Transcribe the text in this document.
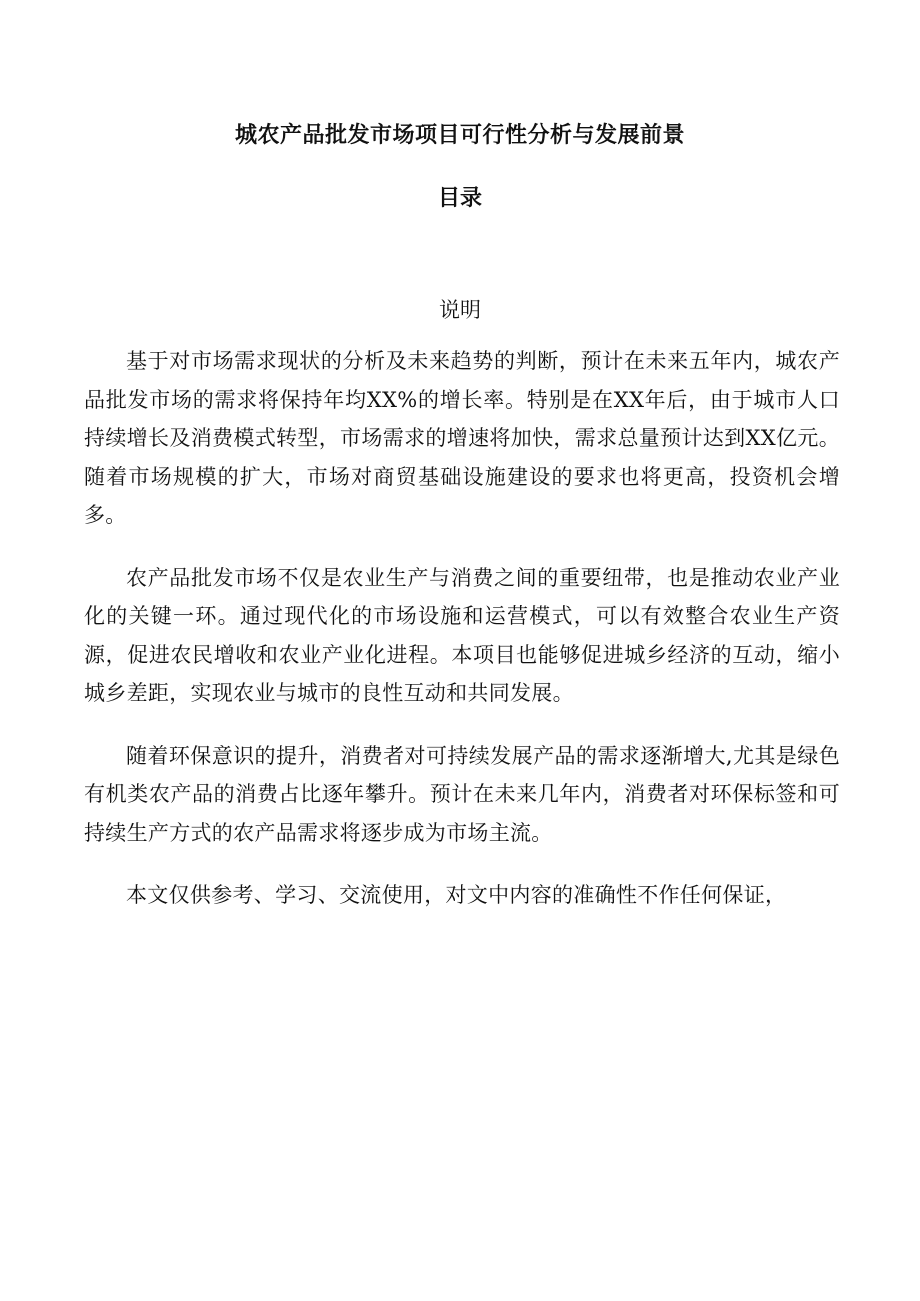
城农产品批发市场项目可行性分析与发展前景
目录
说明

基于对市场需求现状的分析及未来趋势的判断，预计在未来五年内，城农产品批发市场的需求将保持年均XX%的增长率。特别是在XX年后，由于城市人口持续增长及消费模式转型，市场需求的增速将加快，需求总量预计达到XX亿元。随着市场规模的扩大，市场对商贸基础设施建设的要求也将更高，投资机会增多。

农产品批发市场不仅是农业生产与消费之间的重要纽带，也是推动农业产业化的关键一环。通过现代化的市场设施和运营模式，可以有效整合农业生产资源，促进农民增收和农业产业化进程。本项目也能够促进城乡经济的互动，缩小城乡差距，实现农业与城市的良性互动和共同发展。

随着环保意识的提升，消费者对可持续发展产品的需求逐渐增大,尤其是绿色有机类农产品的消费占比逐年攀升。预计在未来几年内，消费者对环保标签和可持续生产方式的农产品需求将逐步成为市场主流。

本文仅供参考、学习、交流使用，对文中内容的准确性不作任何保证，
